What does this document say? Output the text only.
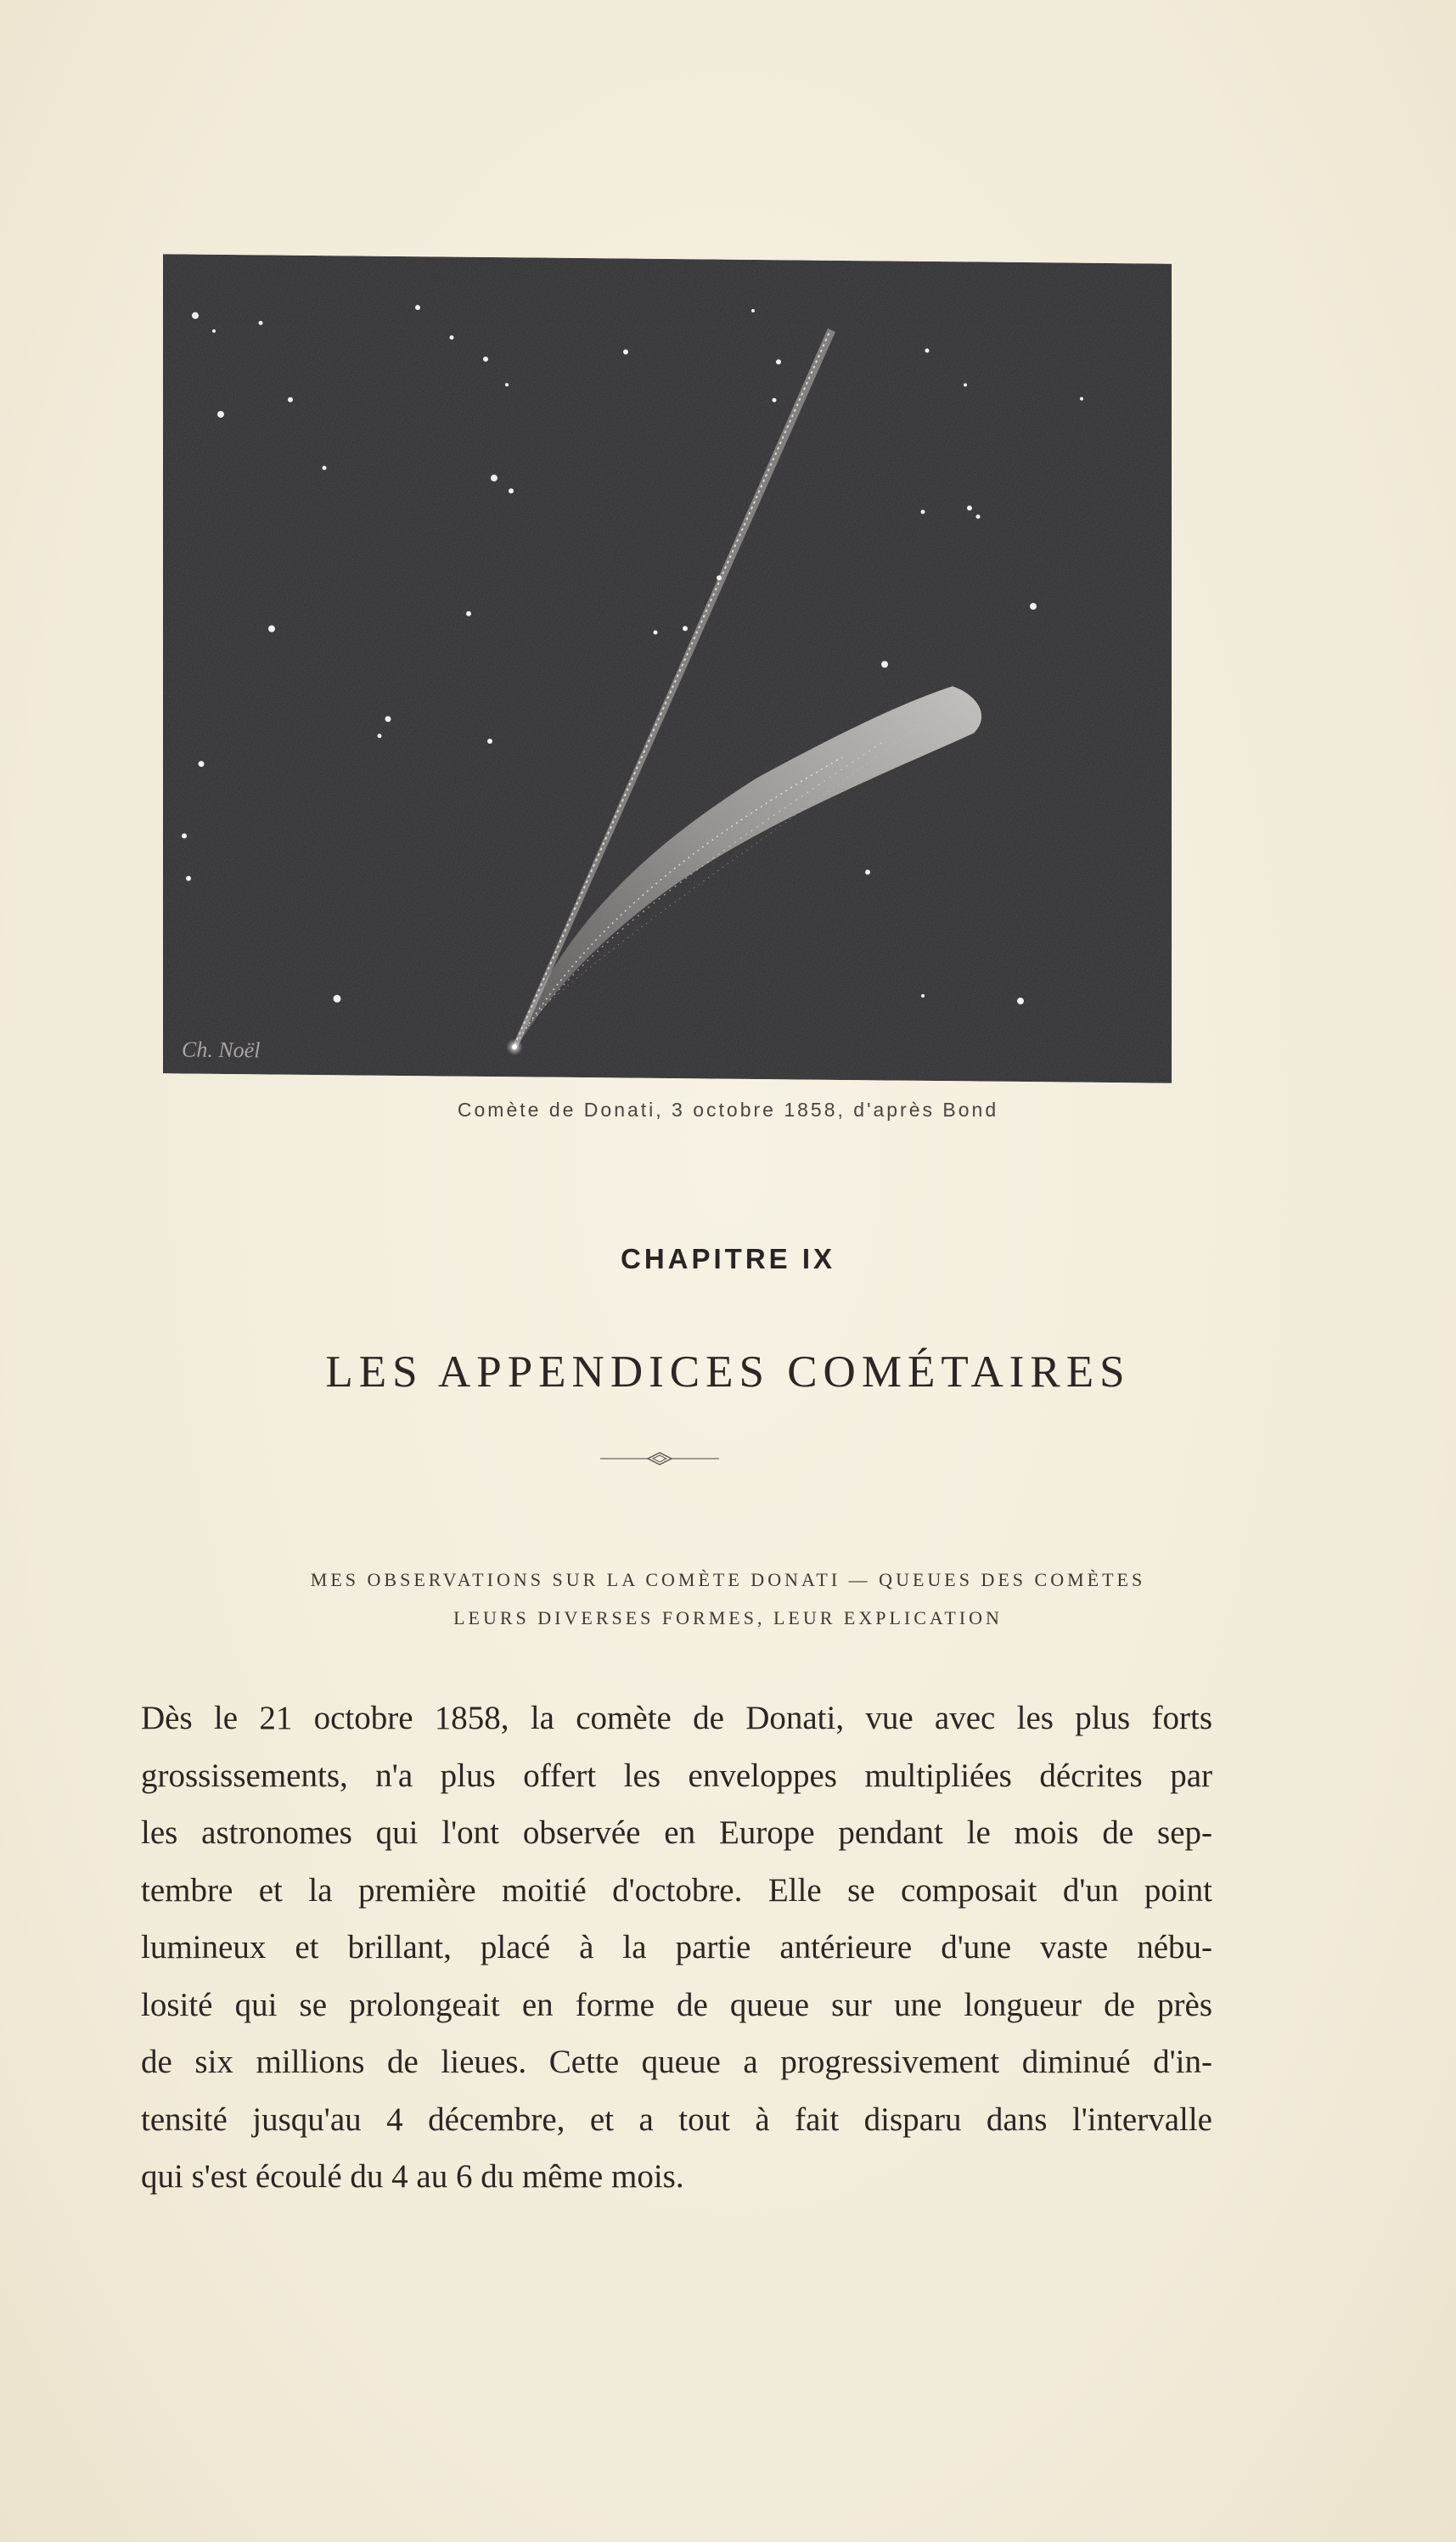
Ch. Noël
Comète de Donati, 3 octobre 1858, d'après Bond
CHAPITRE IX
LES APPENDICES COMÉTAIRES
MES OBSERVATIONS SUR LA COMÈTE DONATI — QUEUES DES COMÈTES
LEURS DIVERSES FORMES, LEUR EXPLICATION
Dès le 21 octobre 1858, la comète de Donati, vue avec les plus forts
grossissements, n'a plus offert les enveloppes multipliées décrites par
les astronomes qui l'ont observée en Europe pendant le mois de sep-
tembre et la première moitié d'octobre. Elle se composait d'un point
lumineux et brillant, placé à la partie antérieure d'une vaste nébu-
losité qui se prolongeait en forme de queue sur une longueur de près
de six millions de lieues. Cette queue a progressivement diminué d'in-
tensité jusqu'au 4 décembre, et a tout à fait disparu dans l'intervalle
qui s'est écoulé du 4 au 6 du même mois.
